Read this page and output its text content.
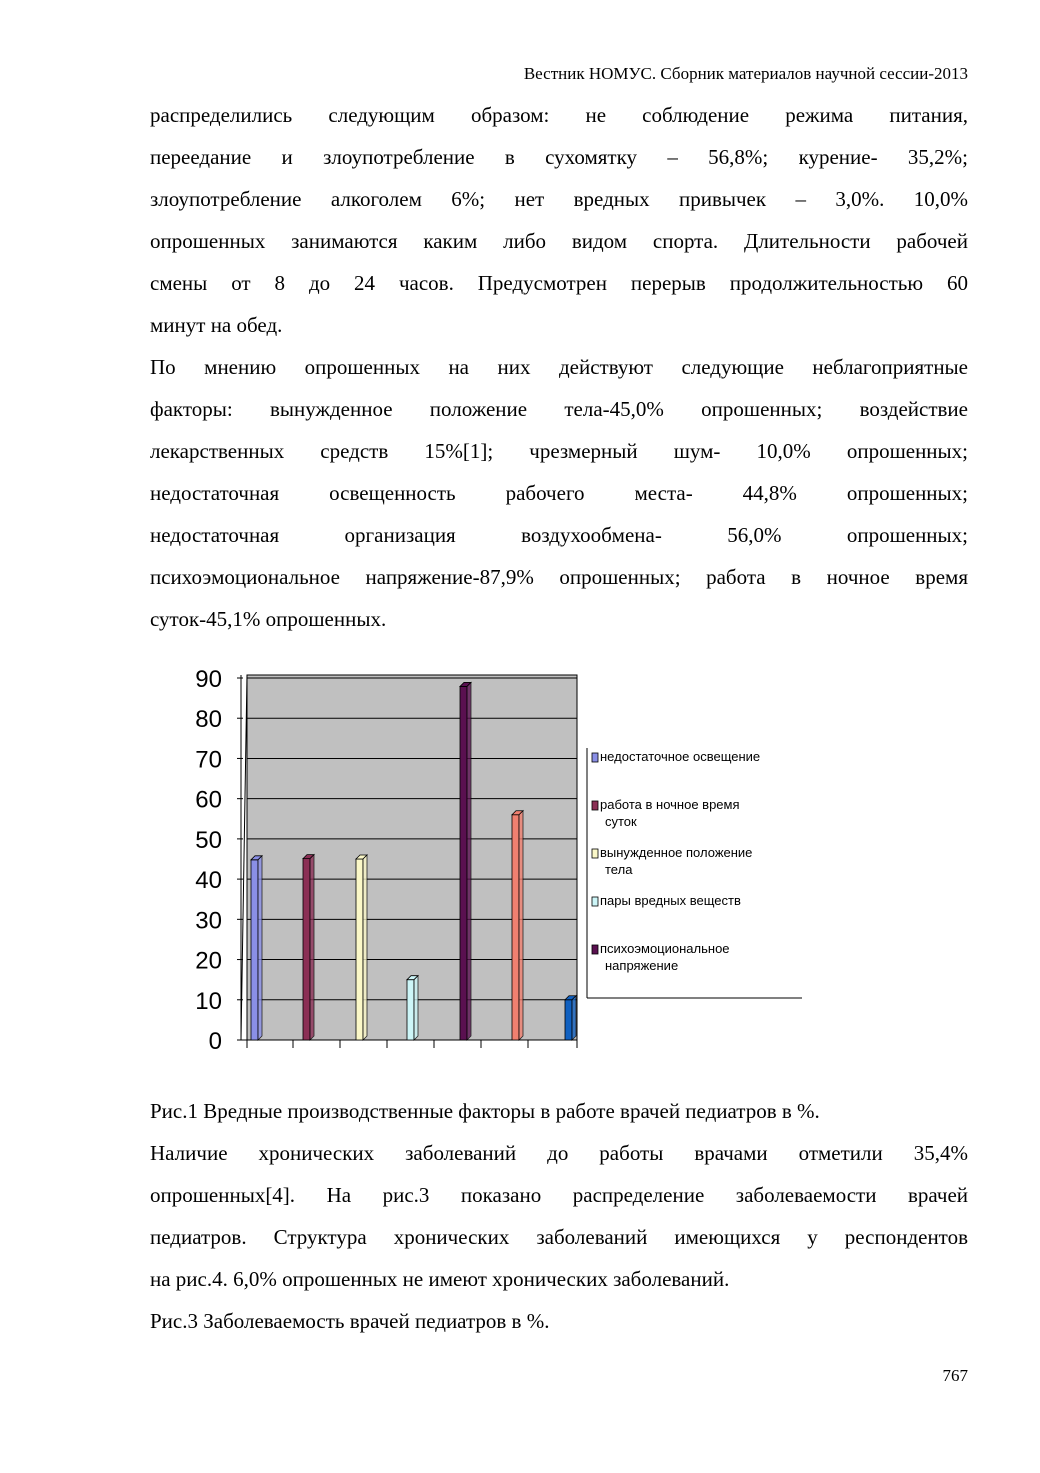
Вестник НОМУС. Сборник материалов научной сессии-2013

распределились следующим образом: не соблюдение режима питания,
переедание и злоупотребление в сухомятку – 56,8%; курение- 35,2%;
злоупотребление алкоголем 6%; нет вредных привычек – 3,0%. 10,0%
опрошенных занимаются каким либо видом спорта. Длительности рабочей
смены от 8 до 24 часов. Предусмотрен перерыв продолжительностью 60
минут на обед.

По мнению опрошенных на них действуют следующие неблагоприятные
факторы: вынужденное положение тела-45,0% опрошенных; воздействие
лекарственных средств 15%[1]; чрезмерный шум- 10,0% опрошенных;
недостаточная освещенность рабочего места- 44,8% опрошенных;
недостаточная организация воздухообмена- 56,0% опрошенных;
психоэмоциональное напряжение-87,9% опрошенных; работа в ночное время
суток-45,1% опрошенных.

0
10
20
30
40
50
60
70
80
90
недостаточное освещение
работа в ночное время
суток
вынужденное положение
тела
пары вредных веществ
психоэмоциональное
напряжение

Рис.1 Вредные производственные факторы в работе врачей педиатров в %.

Наличие хронических заболеваний до работы врачами отметили 35,4%
опрошенных[4]. На рис.3 показано распределение заболеваемости врачей
педиатров. Структура хронических заболеваний имеющихся у респондентов
на рис.4. 6,0% опрошенных не имеют хронических заболеваний.

Рис.3 Заболеваемость врачей педиатров в %.

767
